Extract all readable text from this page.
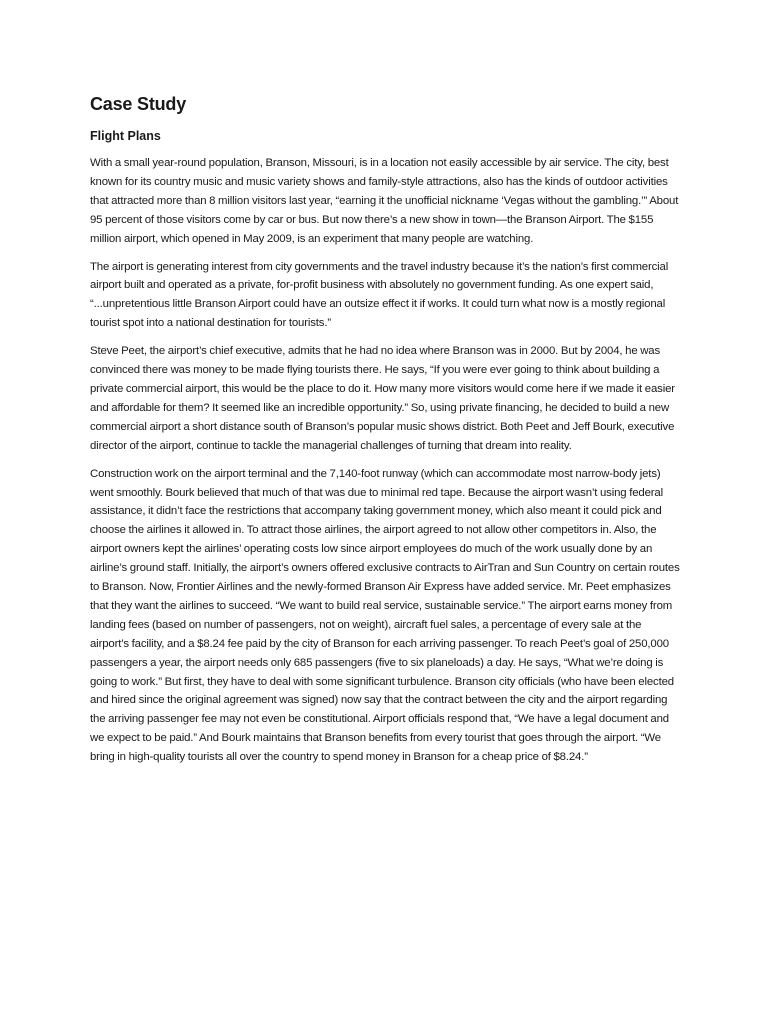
Case Study
Flight Plans

With a small year-round population, Branson, Missouri, is in a location not easily accessible by air service. The city, best known for its country music and music variety shows and family-style attractions, also has the kinds of outdoor activities that attracted more than 8 million visitors last year, “earning it the unofficial nickname ‘Vegas without the gambling.’” About 95 percent of those visitors come by car or bus. But now there’s a new show in town—the Branson Airport. The $155 million airport, which opened in May 2009, is an experiment that many people are watching.

The airport is generating interest from city governments and the travel industry because it’s the nation’s first commercial airport built and operated as a private, for-profit business with absolutely no government funding. As one expert said, “...unpretentious little Branson Airport could have an outsize effect it if works. It could turn what now is a mostly regional tourist spot into a national destination for tourists.”

Steve Peet, the airport’s chief executive, admits that he had no idea where Branson was in 2000. But by 2004, he was convinced there was money to be made flying tourists there. He says, “If you were ever going to think about building a private commercial airport, this would be the place to do it. How many more visitors would come here if we made it easier and affordable for them? It seemed like an incredible opportunity.” So, using private financing, he decided to build a new commercial airport a short distance south of Branson’s popular music shows district. Both Peet and Jeff Bourk, executive director of the airport, continue to tackle the managerial challenges of turning that dream into reality.

Construction work on the airport terminal and the 7,140-foot runway (which can accommodate most narrow-body jets) went smoothly. Bourk believed that much of that was due to minimal red tape. Because the airport wasn’t using federal assistance, it didn’t face the restrictions that accompany taking government money, which also meant it could pick and choose the airlines it allowed in. To attract those airlines, the airport agreed to not allow other competitors in. Also, the airport owners kept the airlines’ operating costs low since airport employees do much of the work usually done by an airline’s ground staff. Initially, the airport’s owners offered exclusive contracts to AirTran and Sun Country on certain routes to Branson. Now, Frontier Airlines and the newly-formed Branson Air Express have added service. Mr. Peet emphasizes that they want the airlines to succeed. “We want to build real service, sustainable service.” The airport earns money from landing fees (based on number of passengers, not on weight), aircraft fuel sales, a percentage of every sale at the airport’s facility, and a $8.24 fee paid by the city of Branson for each arriving passenger. To reach Peet’s goal of 250,000 passengers a year, the airport needs only 685 passengers (five to six planeloads) a day. He says, “What we’re doing is going to work.” But first, they have to deal with some significant turbulence. Branson city officials (who have been elected and hired since the original agreement was signed) now say that the contract between the city and the airport regarding the arriving passenger fee may not even be constitutional. Airport officials respond that, “We have a legal document and we expect to be paid.” And Bourk maintains that Branson benefits from every tourist that goes through the airport. “We bring in high-quality tourists all over the country to spend money in Branson for a cheap price of $8.24.”
